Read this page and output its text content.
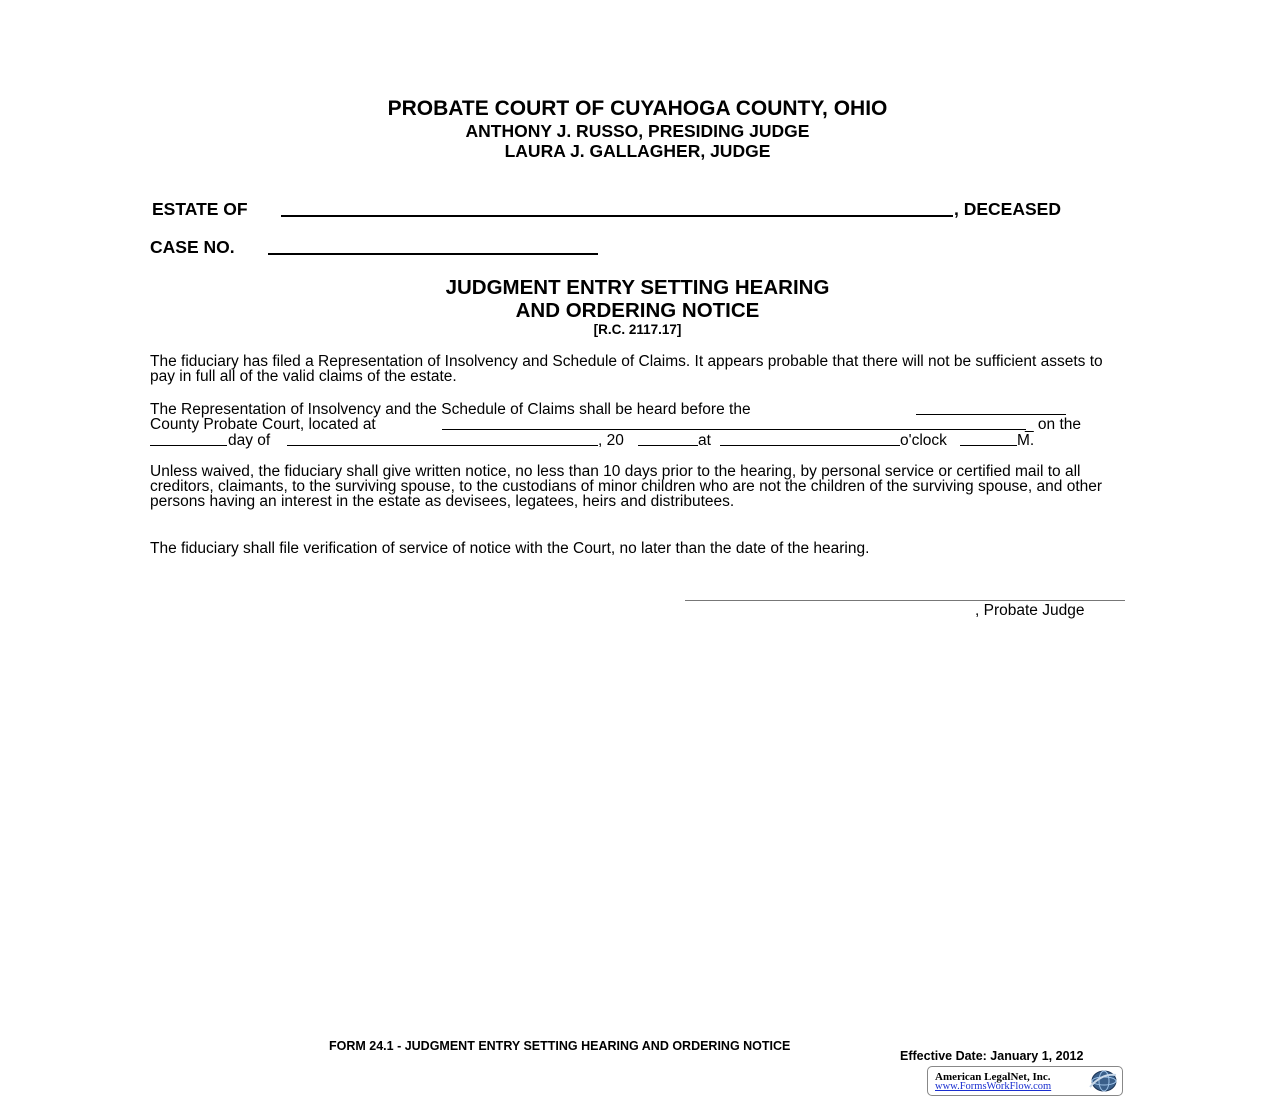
PROBATE COURT OF CUYAHOGA COUNTY, OHIO
ANTHONY J. RUSSO, PRESIDING JUDGE
LAURA J. GALLAGHER, JUDGE
ESTATE OF	, DECEASED
CASE NO.
JUDGMENT ENTRY SETTING HEARING
AND ORDERING NOTICE
[R.C. 2117.17]

The fiduciary has filed a Representation of Insolvency and Schedule of Claims. It appears probable that there will not be sufficient assets to pay in full all of the valid claims of the estate.

The Representation of Insolvency and the Schedule of Claims shall be heard before the
County Probate Court, located at	_ on the
day of	, 20	at	o'clock	M.

Unless waived, the fiduciary shall give written notice, no less than 10 days prior to the hearing, by personal service or certified mail to all creditors, claimants, to the surviving spouse, to the custodians of minor children who are not the children of the surviving spouse, and other persons having an interest in the estate as devisees, legatees, heirs and distributees.

The fiduciary shall file verification of service of notice with the Court, no later than the date of the hearing.

, Probate Judge
FORM 24.1 - JUDGMENT ENTRY SETTING HEARING AND ORDERING NOTICE
Effective Date: January 1, 2012
American LegalNet, Inc.
www.FormsWorkFlow.com
